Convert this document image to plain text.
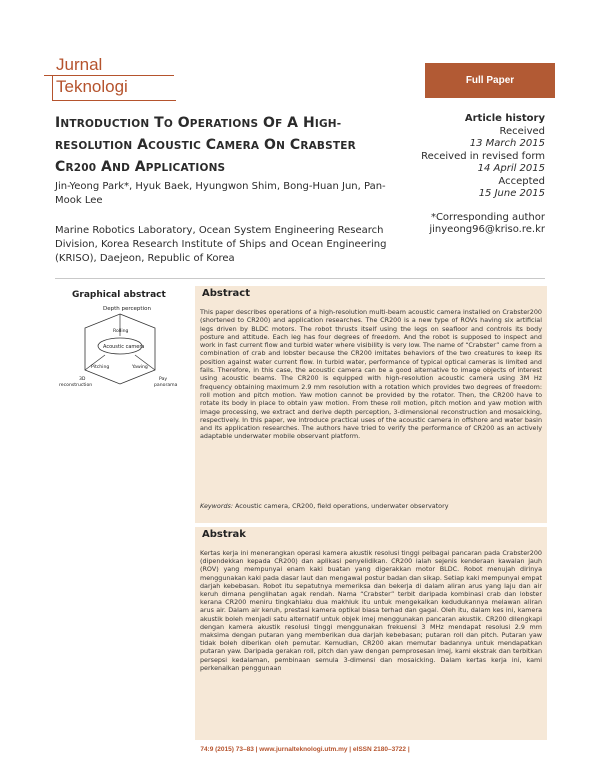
Jurnal
Teknologi	Full Paper
INTRODUCTION TO OPERATIONS OF A HIGH-RESOLUTION ACOUSTIC CAMERA ON CRABSTER CR200 AND APPLICATIONS
Jin-Yeong Park*, Hyuk Baek, Hyungwon Shim, Bong-Huan Jun, Pan-Mook Lee
Marine Robotics Laboratory, Ocean System Engineering Research Division, Korea Research Institute of Ships and Ocean Engineering (KRISO), Daejeon, Republic of Korea
Article history
Received
13 March 2015
Received in revised form
14 April 2015
Accepted
15 June 2015
*Corresponding author
jinyeong96@kriso.re.kr
Graphical abstract
Depth perception
Acoustic camera
Rolling
Pitching	Yawing
3D
reconstruction
Pay
panorama
Abstract
This paper describes operations of a high-resolution multi-beam acoustic camera installed on Crabster200 (shortened to CR200) and application researches. The CR200 is a new type of ROVs having six artificial legs driven by BLDC motors. The robot thrusts itself using the legs on seafloor and controls its body posture and attitude. Each leg has four degrees of freedom. And the robot is supposed to inspect and work in fast current flow and turbid water where visibility is very low. The name of “Crabster” came from a combination of crab and lobster because the CR200 imitates behaviors of the two creatures to keep its position against water current flow. In turbid water, performance of typical optical cameras is limited and fails. Therefore, in this case, the acoustic camera can be a good alternative to image objects of interest using acoustic beams. The CR200 is equipped with high-resolution acoustic camera using 3M Hz frequency obtaining maximum 2.9 mm resolution with a rotation which provides two degrees of freedom: roll motion and pitch motion. Yaw motion cannot be provided by the rotator. Then, the CR200 have to rotate its body in place to obtain yaw motion. From these roll motion, pitch motion and yaw motion with image processing, we extract and derive depth perception, 3-dimensional reconstruction and mosaicking, respectively. In this paper, we introduce practical uses of the acoustic camera in offshore and water basin and its application researches. The authors have tried to verify the performance of CR200 as an actively adaptable underwater mobile observant platform.
Keywords: Acoustic camera, CR200, field operations, underwater observatory
Abstrak
Kertas kerja ini menerangkan operasi kamera akustik resolusi tinggi pelbagai pancaran pada Crabster200 (dipendekkan kepada CR200) dan aplikasi penyelidikan. CR200 ialah sejenis kenderaan kawalan jauh (ROV) yang mempunyai enam kaki buatan yang digerakkan motor BLDC. Robot menujah dirinya menggunakan kaki pada dasar laut dan mengawal postur badan dan sikap. Setiap kaki mempunyai empat darjah kebebasan. Robot itu sepatutnya memeriksa dan bekerja di dalam aliran arus yang laju dan air keruh dimana penglihatan agak rendah. Nama “Crabster” terbit daripada kombinasi crab dan lobster kerana CR200 meniru tingkahlaku dua makhluk itu untuk mengekalkan kedudukannya melawan aliran arus air. Dalam air keruh, prestasi kamera optikal biasa terhad dan gagal. Oleh itu, dalam kes ini, kamera akustik boleh menjadi satu alternatif untuk objek imej menggunakan pancaran akustik. CR200 dilengkapi dengan kamera akustik resolusi tinggi menggunakan frekuensi 3 MHz mendapat resolusi 2.9 mm maksima dengan putaran yang memberikan dua darjah kebebasan; putaran roll dan pitch. Putaran yaw tidak boleh diberikan oleh pemutar. Kemudian, CR200 akan memutar badannya untuk mendapatkan putaran yaw. Daripada gerakan roll, pitch dan yaw dengan pemprosesan imej, kami ekstrak dan terbitkan persepsi kedalaman, pembinaan semula 3-dimensi dan mosaicking. Dalam kertas kerja ini, kami perkenalkan penggunaan
74:9 (2015) 73–83 | www.jurnalteknologi.utm.my | eISSN 2180–3722 |
